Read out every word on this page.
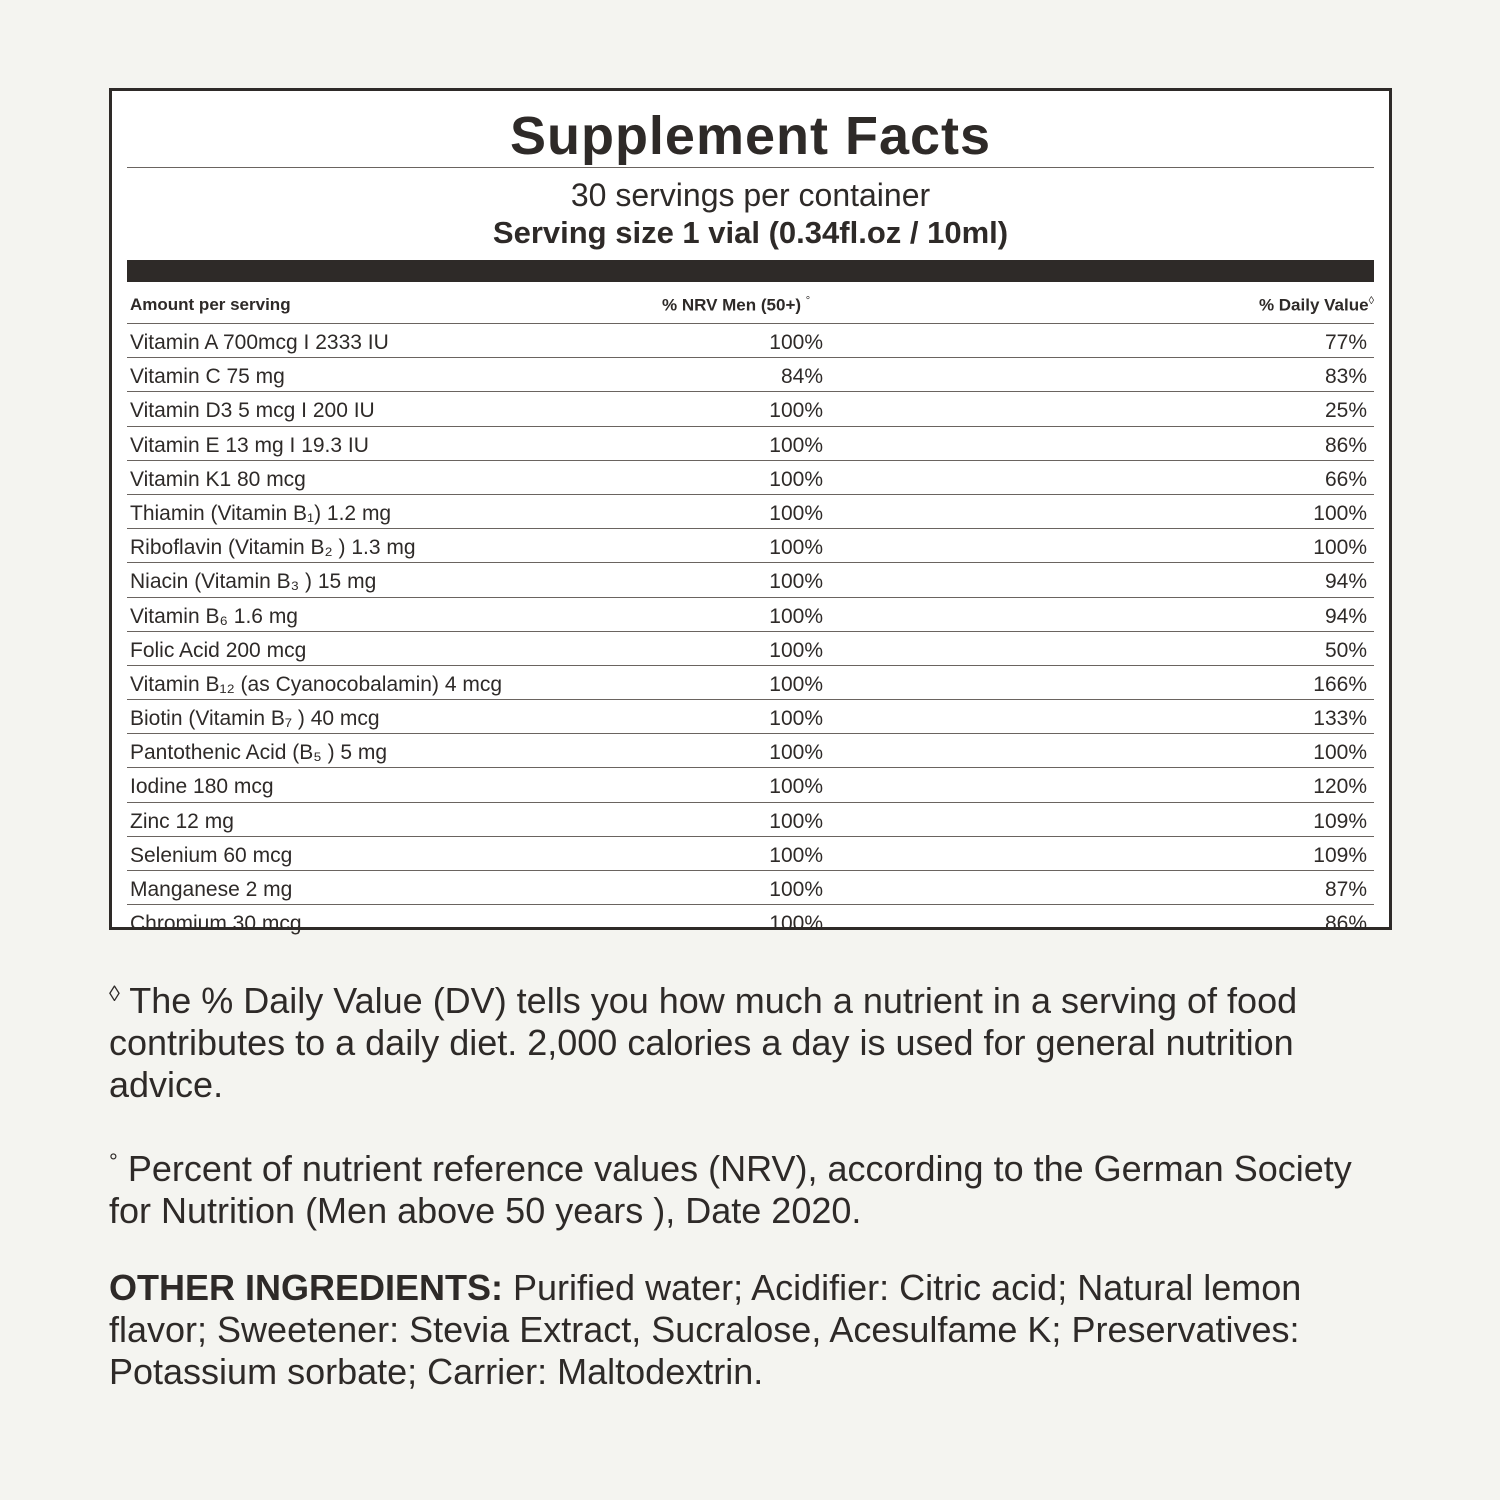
Supplement Facts
30 servings per container
Serving size 1 vial (0.34fl.oz / 10ml)
Amount per serving	% NRV Men (50+) °	% Daily Value◊
Vitamin A 700mcg I 2333 IU	100%	77%
Vitamin C 75 mg	84%	83%
Vitamin D3 5 mcg I 200 IU	100%	25%
Vitamin E 13 mg I 19.3 IU	100%	86%
Vitamin K1 80 mcg	100%	66%
Thiamin (Vitamin B₁) 1.2 mg	100%	100%
Riboflavin (Vitamin B₂ ) 1.3 mg	100%	100%
Niacin (Vitamin B₃ ) 15 mg	100%	94%
Vitamin B₆ 1.6 mg	100%	94%
Folic Acid 200 mcg	100%	50%
Vitamin B₁₂ (as Cyanocobalamin) 4 mcg	100%	166%
Biotin (Vitamin B₇ ) 40 mcg	100%	133%
Pantothenic Acid (B₅ ) 5 mg	100%	100%
Iodine 180 mcg	100%	120%
Zinc 12 mg	100%	109%
Selenium 60 mcg	100%	109%
Manganese 2 mg	100%	87%
Chromium 30 mcg	100%	86%
◊ The % Daily Value (DV) tells you how much a nutrient in a serving of food contributes to a daily diet. 2,000 calories a day is used for general nutrition advice.
° Percent of nutrient reference values (NRV), according to the German Society for Nutrition (Men above 50 years ), Date 2020.
OTHER INGREDIENTS: Purified water; Acidifier: Citric acid; Natural lemon flavor; Sweetener: Stevia Extract, Sucralose, Acesulfame K; Preservatives: Potassium sorbate; Carrier: Maltodextrin.
